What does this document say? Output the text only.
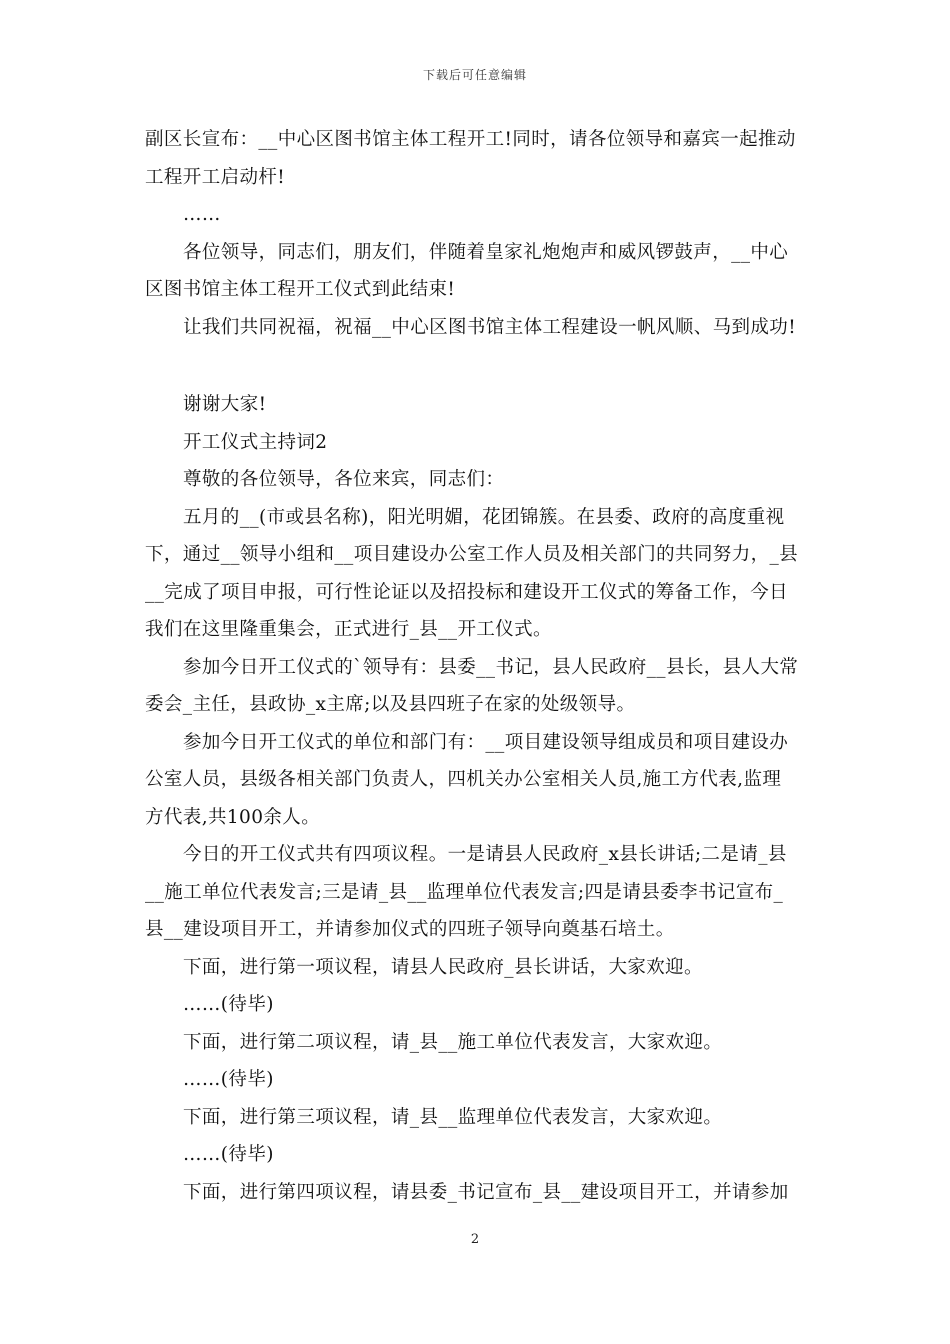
下载后可任意编辑
副区长宣布：__中心区图书馆主体工程开工!同时，请各位领导和嘉宾一起推动
工程开工启动杆!
……
各位领导，同志们，朋友们，伴随着皇家礼炮炮声和威风锣鼓声，__中心
区图书馆主体工程开工仪式到此结束!
让我们共同祝福，祝福__中心区图书馆主体工程建设一帆风顺、马到成功!
谢谢大家!
开工仪式主持词2
尊敬的各位领导，各位来宾，同志们：
五月的__(市或县名称)，阳光明媚，花团锦簇。在县委、政府的高度重视
下，通过__领导小组和__项目建设办公室工作人员及相关部门的共同努力，_县
__完成了项目申报，可行性论证以及招投标和建设开工仪式的筹备工作，今日
我们在这里隆重集会，正式进行_县__开工仪式。
参加今日开工仪式的`领导有：县委__书记，县人民政府__县长，县人大常
委会_主任，县政协_x主席;以及县四班子在家的处级领导。
参加今日开工仪式的单位和部门有：__项目建设领导组成员和项目建设办
公室人员，县级各相关部门负责人，四机关办公室相关人员,施工方代表,监理
方代表,共100余人。
今日的开工仪式共有四项议程。一是请县人民政府_x县长讲话;二是请_县
__施工单位代表发言;三是请_县__监理单位代表发言;四是请县委李书记宣布_
县__建设项目开工，并请参加仪式的四班子领导向奠基石培土。
下面，进行第一项议程，请县人民政府_县长讲话，大家欢迎。
……(待毕)
下面，进行第二项议程，请_县__施工单位代表发言，大家欢迎。
……(待毕)
下面，进行第三项议程，请_县__监理单位代表发言，大家欢迎。
……(待毕)
下面，进行第四项议程，请县委_书记宣布_县__建设项目开工，并请参加
2
